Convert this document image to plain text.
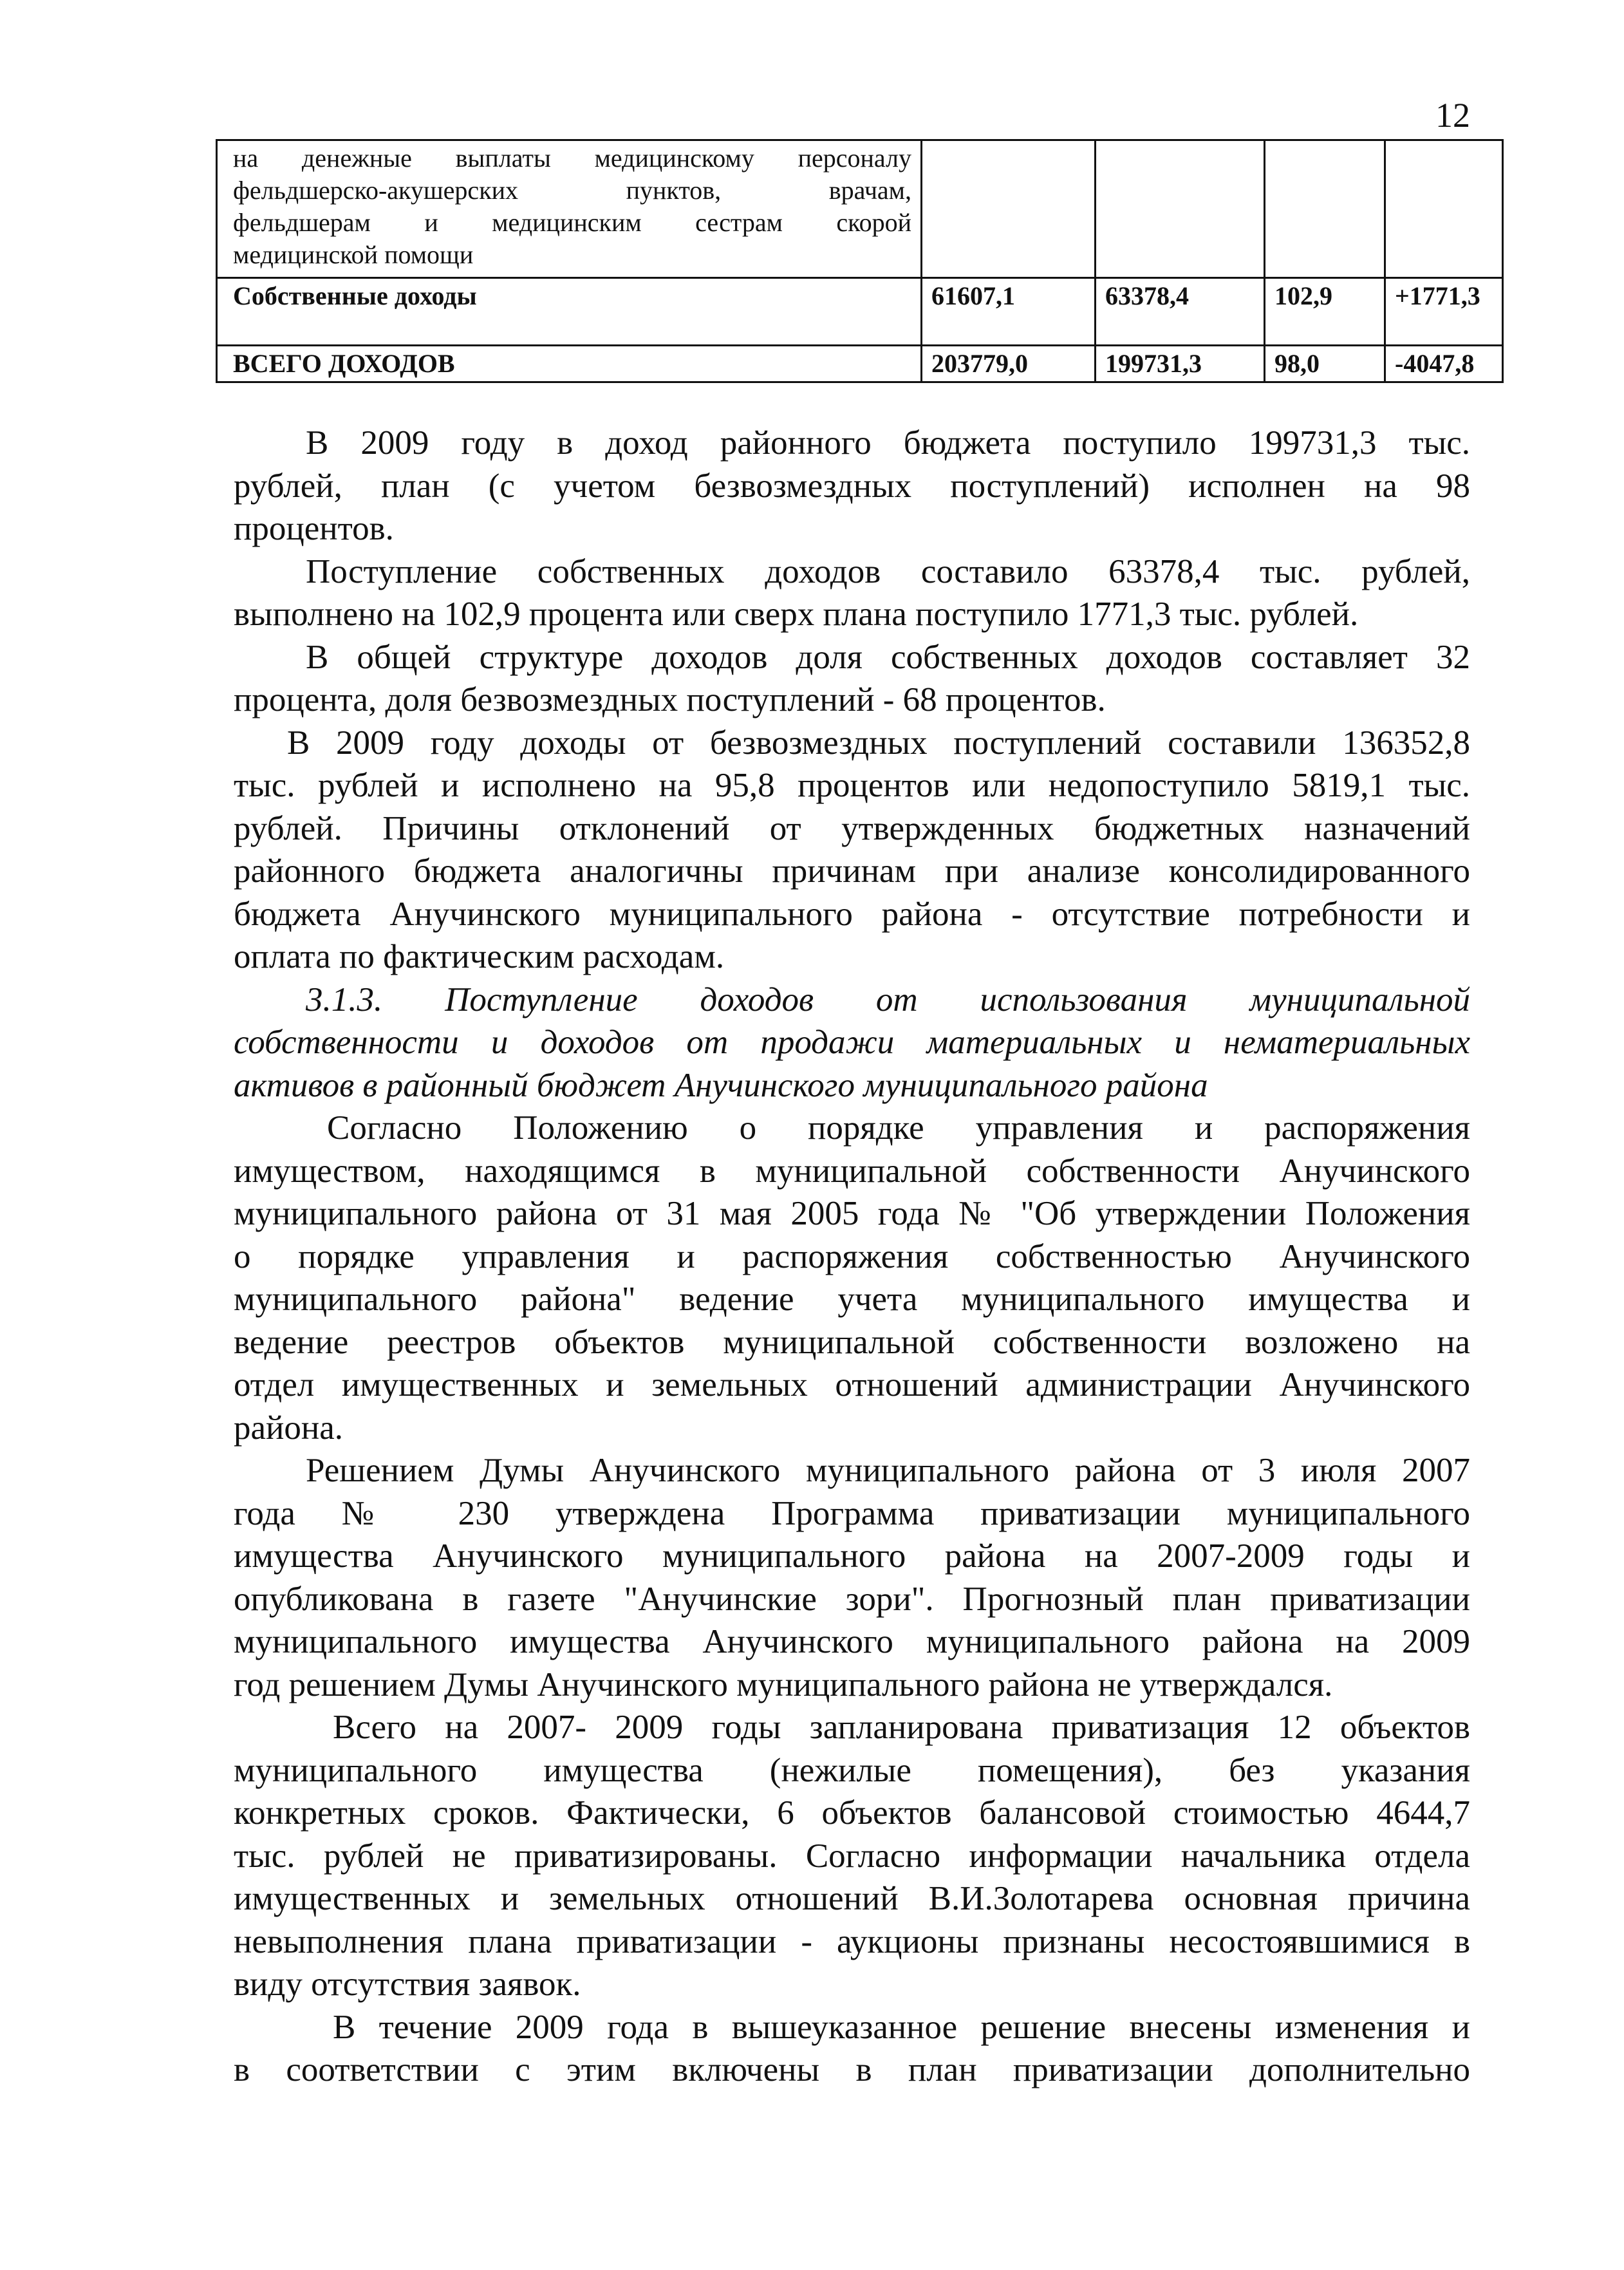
12
на денежные выплаты медицинскому персоналу
фельдшерско-акушерских пунктов, врачам,
фельдшерам и медицинским сестрам скорой
медицинской помощи				

Собственные доходы	61607,1	63378,4	102,9	+1771,3

ВСЕГО ДОХОДОВ	203779,0	199731,3	98,0	-4047,8
В 2009 году в доход районного бюджета поступило 199731,3 тыс.
рублей, план (с учетом безвозмездных поступлений) исполнен на 98
процентов.
Поступление собственных доходов составило 63378,4 тыс. рублей,
выполнено на 102,9 процента или сверх плана поступило 1771,3 тыс. рублей.
В общей структуре доходов доля собственных доходов составляет 32
процента, доля безвозмездных поступлений - 68 процентов.
В 2009 году доходы от безвозмездных поступлений составили 136352,8
тыс. рублей и исполнено на 95,8 процентов или недопоступило 5819,1 тыс.
рублей. Причины отклонений от утвержденных бюджетных назначений
районного бюджета аналогичны причинам при анализе консолидированного
бюджета Анучинского муниципального района - отсутствие потребности и
оплата по фактическим расходам.
3.1.3. Поступление доходов от использования муниципальной
собственности и доходов от продажи материальных и нематериальных
активов в районный бюджет Анучинского муниципального района
Согласно Положению о порядке управления и распоряжения
имуществом, находящимся в муниципальной собственности Анучинского
муниципального района от 31 мая 2005 года № "Об утверждении Положения
о порядке управления и распоряжения собственностью Анучинского
муниципального района" ведение учета муниципального имущества и
ведение реестров объектов муниципальной собственности возложено на
отдел имущественных и земельных отношений администрации Анучинского
района.
Решением Думы Анучинского муниципального района от 3 июля 2007
года № 230 утверждена Программа приватизации муниципального
имущества Анучинского муниципального района на 2007-2009 годы и
опубликована в газете "Анучинские зори". Прогнозный план приватизации
муниципального имущества Анучинского муниципального района на 2009
год решением Думы Анучинского муниципального района не утверждался.
Всего на 2007- 2009 годы запланирована приватизация 12 объектов
муниципального имущества (нежилые помещения), без указания
конкретных сроков. Фактически, 6 объектов балансовой стоимостью 4644,7
тыс. рублей не приватизированы. Согласно информации начальника отдела
имущественных и земельных отношений В.И.Золотарева основная причина
невыполнения плана приватизации - аукционы признаны несостоявшимися в
виду отсутствия заявок.
В течение 2009 года в вышеуказанное решение внесены изменения и
в соответствии с этим включены в план приватизации дополнительно
